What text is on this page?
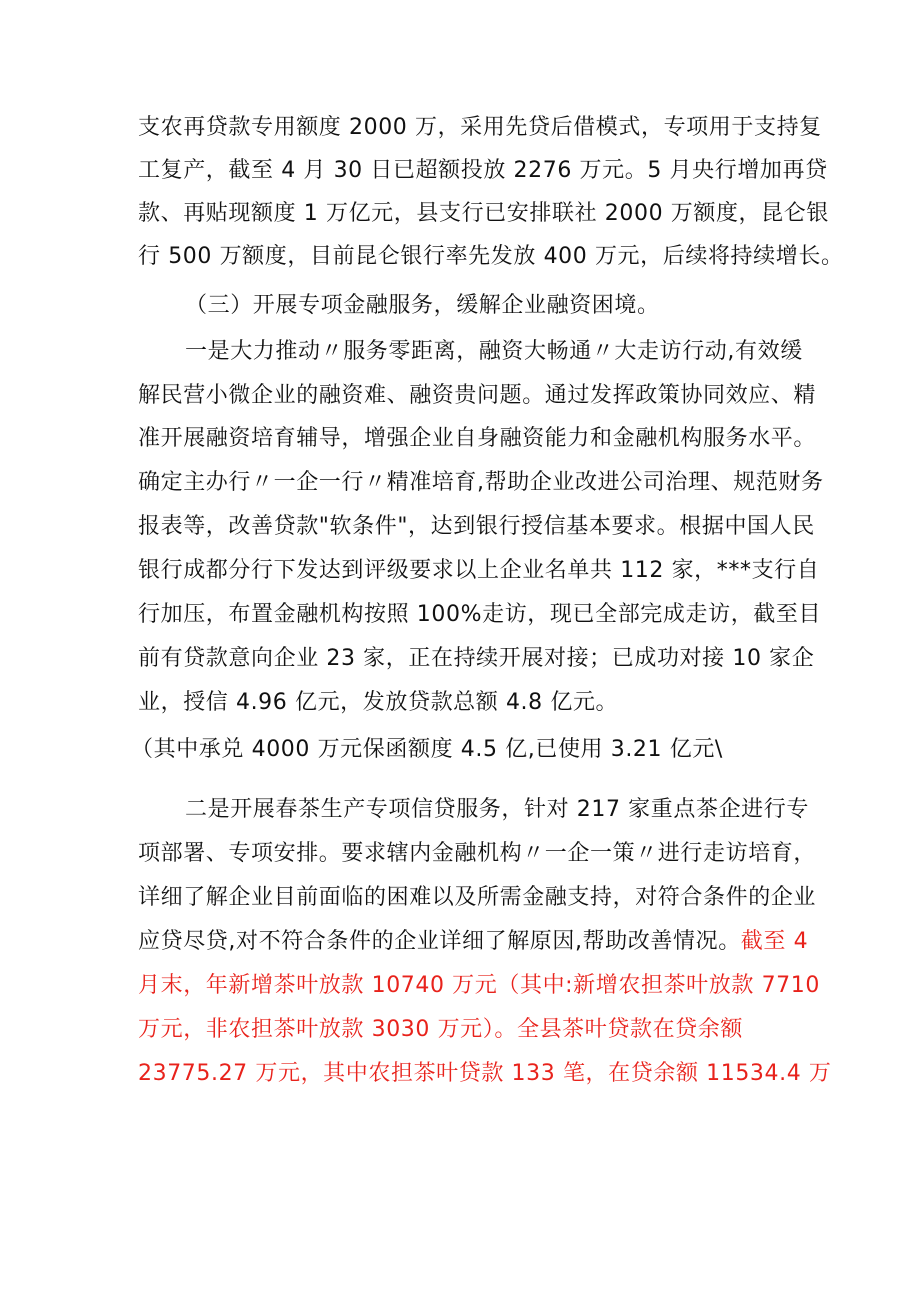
支农再贷款专用额度 2000 万，采用先贷后借模式，专项用于支持复
工复产，截至 4 月 30 日已超额投放 2276 万元。5 月央行增加再贷
款、再贴现额度 1 万亿元，县支行已安排联社 2000 万额度，昆仑银
行 500 万额度，目前昆仑银行率先发放 400 万元，后续将持续增长。
（三）开展专项金融服务，缓解企业融资困境。
一是大力推动〃服务零距离，融资大畅通〃大走访行动,有效缓
解民营小微企业的融资难、融资贵问题。通过发挥政策协同效应、精
准开展融资培育辅导，增强企业自身融资能力和金融机构服务水平。
确定主办行〃一企一行〃精准培育,帮助企业改进公司治理、规范财务
报表等，改善贷款"软条件"，达到银行授信基本要求。根据中国人民
银行成都分行下发达到评级要求以上企业名单共 112 家，***支行自
行加压，布置金融机构按照 100%走访，现已全部完成走访，截至目
前有贷款意向企业 23 家，正在持续开展对接；已成功对接 10 家企
业，授信 4.96 亿元，发放贷款总额 4.8 亿元。
（其中承兑 4000 万元保函额度 4.5 亿,已使用 3.21 亿元\
二是开展春茶生产专项信贷服务，针对 217 家重点茶企进行专
项部署、专项安排。要求辖内金融机构〃一企一策〃进行走访培育，
详细了解企业目前面临的困难以及所需金融支持，对符合条件的企业
应贷尽贷,对不符合条件的企业详细了解原因,帮助改善情况。截至 4
月末，年新增茶叶放款 10740 万元（其中:新增农担茶叶放款 7710
万元，非农担茶叶放款 3030 万元）。全县茶叶贷款在贷余额
23775.27 万元，其中农担茶叶贷款 133 笔，在贷余额 11534.4 万
